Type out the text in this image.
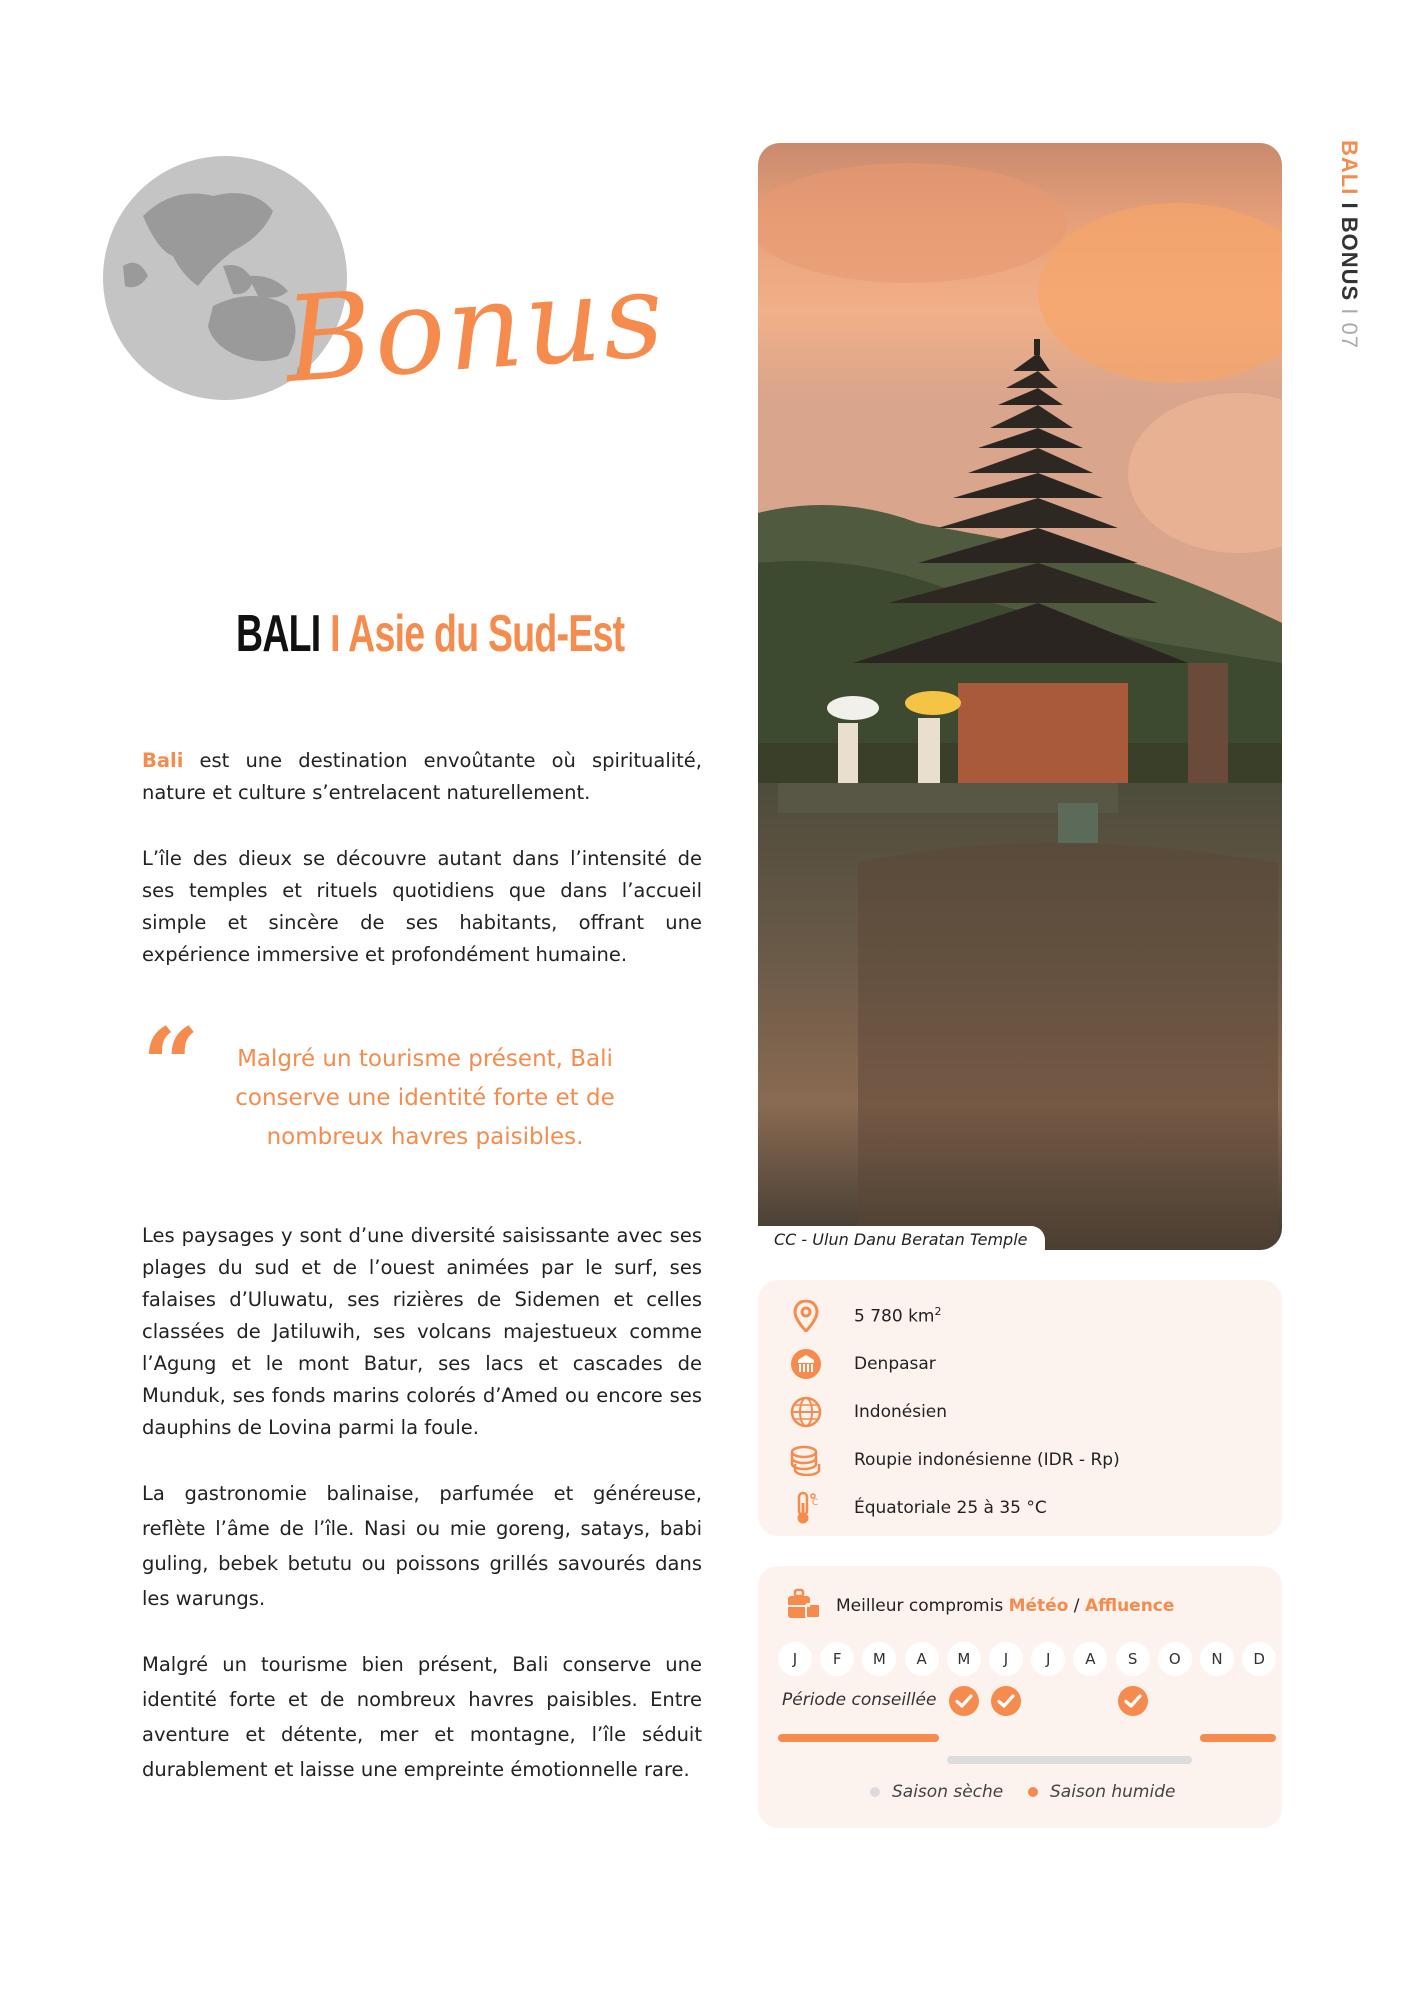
Bonus
BALI I BONUS I 07
BALI I Asie du Sud-Est

Bali est une destination envoûtante où spiritualité, nature et culture s’entrelacent naturellement.

L’île des dieux se découvre autant dans l’intensité de ses temples et rituels quotidiens que dans l’accueil simple et sincère de ses habitants, offrant une expérience immersive et profondément humaine.

“	Malgré un tourisme présent, Bali conserve une identité forte et de nombreux havres paisibles.

Les paysages y sont d’une diversité saisissante avec ses plages du sud et de l’ouest animées par le surf, ses falaises d’Uluwatu, ses rizières de Sidemen et celles classées de Jatiluwih, ses volcans majestueux comme l’Agung et le mont Batur, ses lacs et cascades de Munduk, ses fonds marins colorés d’Amed ou encore ses dauphins de Lovina parmi la foule.

La gastronomie balinaise, parfumée et généreuse, reflète l’âme de l’île. Nasi ou mie goreng, satays, babi guling, bebek betutu ou poissons grillés savourés dans les warungs.

Malgré un tourisme bien présent, Bali conserve une identité forte et de nombreux havres paisibles. Entre aventure et détente, mer et montagne, l’île séduit durablement et laisse une empreinte émotionnelle rare.

CC - Ulun Danu Beratan Temple
5 780 $km^2$
Denpasar
Indonésien
Roupie indonésienne (IDR - Rp)
C Équatoriale 25 à 35 °C
Meilleur compromis Météo / Affluence
J	F	M	A	M	J	J	A	S	O	N	D
Période conseillée
Saison sèche	Saison humide
